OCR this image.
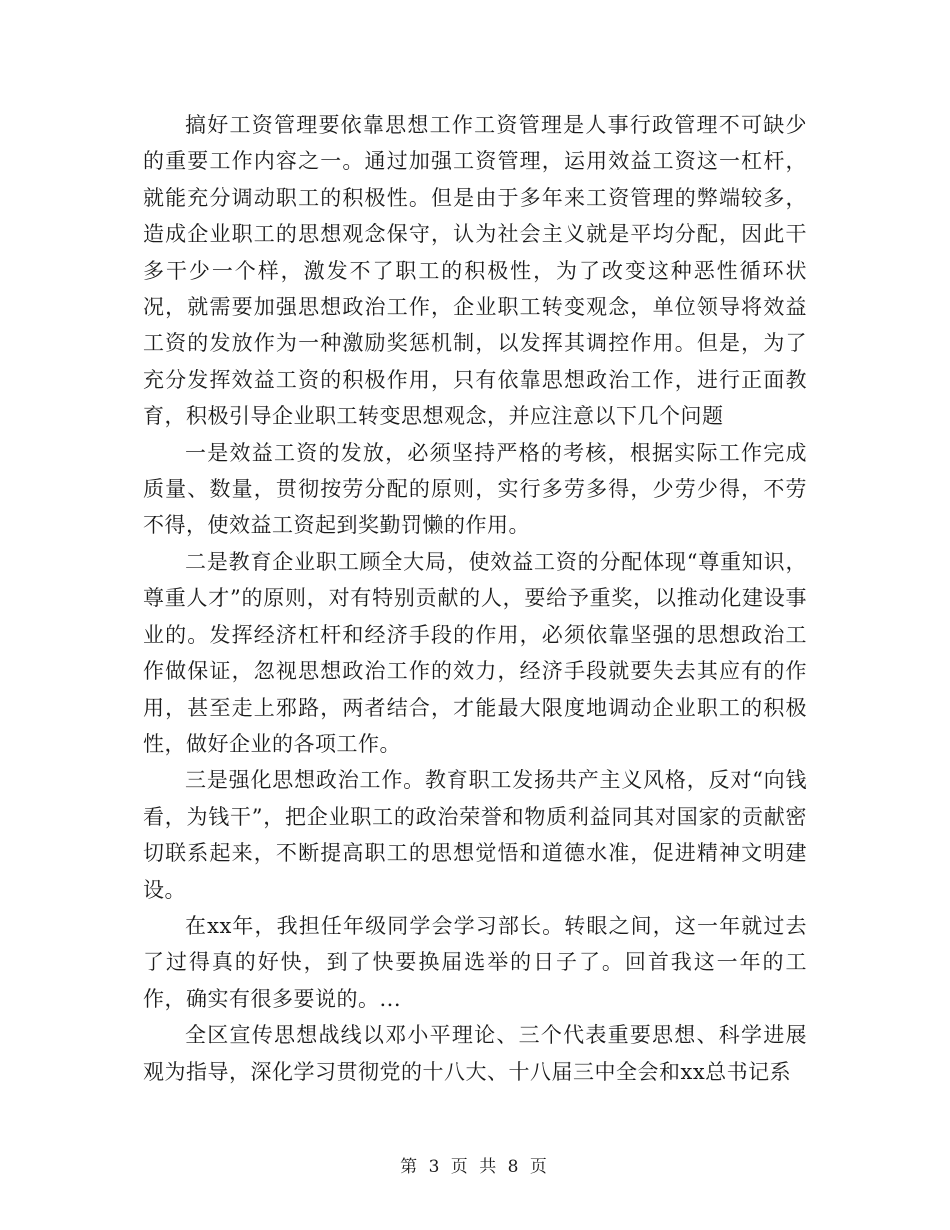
搞好工资管理要依靠思想工作工资管理是人事行政管理不可缺少的重要工作内容之一。通过加强工资管理，运用效益工资这一杠杆，就能充分调动职工的积极性。但是由于多年来工资管理的弊端较多，造成企业职工的思想观念保守，认为社会主义就是平均分配，因此干多干少一个样，激发不了职工的积极性，为了改变这种恶性循环状况，就需要加强思想政治工作，企业职工转变观念，单位领导将效益工资的发放作为一种激励奖惩机制，以发挥其调控作用。但是，为了充分发挥效益工资的积极作用，只有依靠思想政治工作，进行正面教育，积极引导企业职工转变思想观念，并应注意以下几个问题

一是效益工资的发放，必须坚持严格的考核，根据实际工作完成质量、数量，贯彻按劳分配的原则，实行多劳多得，少劳少得，不劳不得，使效益工资起到奖勤罚懒的作用。

二是教育企业职工顾全大局，使效益工资的分配体现“尊重知识，尊重人才”的原则，对有特别贡献的人，要给予重奖，以推动化建设事业的。发挥经济杠杆和经济手段的作用，必须依靠坚强的思想政治工作做保证，忽视思想政治工作的效力，经济手段就要失去其应有的作用，甚至走上邪路，两者结合，才能最大限度地调动企业职工的积极性，做好企业的各项工作。

三是强化思想政治工作。教育职工发扬共产主义风格，反对“向钱看，为钱干”，把企业职工的政治荣誉和物质利益同其对国家的贡献密切联系起来，不断提高职工的思想觉悟和道德水准，促进精神文明建设。

在xx年，我担任年级同学会学习部长。转眼之间，这一年就过去了过得真的好快，到了快要换届选举的日子了。回首我这一年的工作，确实有很多要说的。...

全区宣传思想战线以邓小平理论、三个代表重要思想、科学进展观为指导，深化学习贯彻党的十八大、十八届三中全会和xx总书记系

第 3 页 共 8 页
